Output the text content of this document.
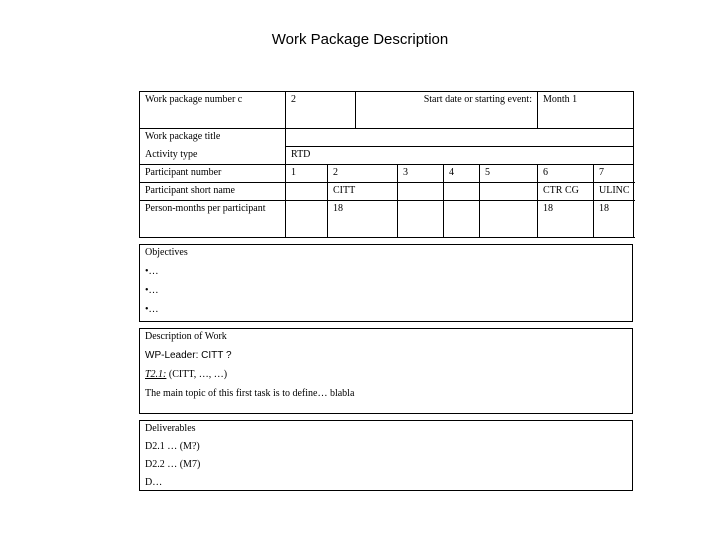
Work Package Description
Work package number c	2		Start date or starting event:				Month 1	
Work package title								
Activity type	RTD							
Participant number	1	2		3	4	5	6	7
Participant short name		CITT					CTR CG	ULINC
Person-months per participant		18					18	18
Objectives
•…
•…
•…
Description of Work
WP-Leader: CITT ?
T2.1: (CITT, …, …)
The main topic of this first task is to define… blabla
Deliverables
D2.1 … (M?)
D2.2 … (M7)
D…
